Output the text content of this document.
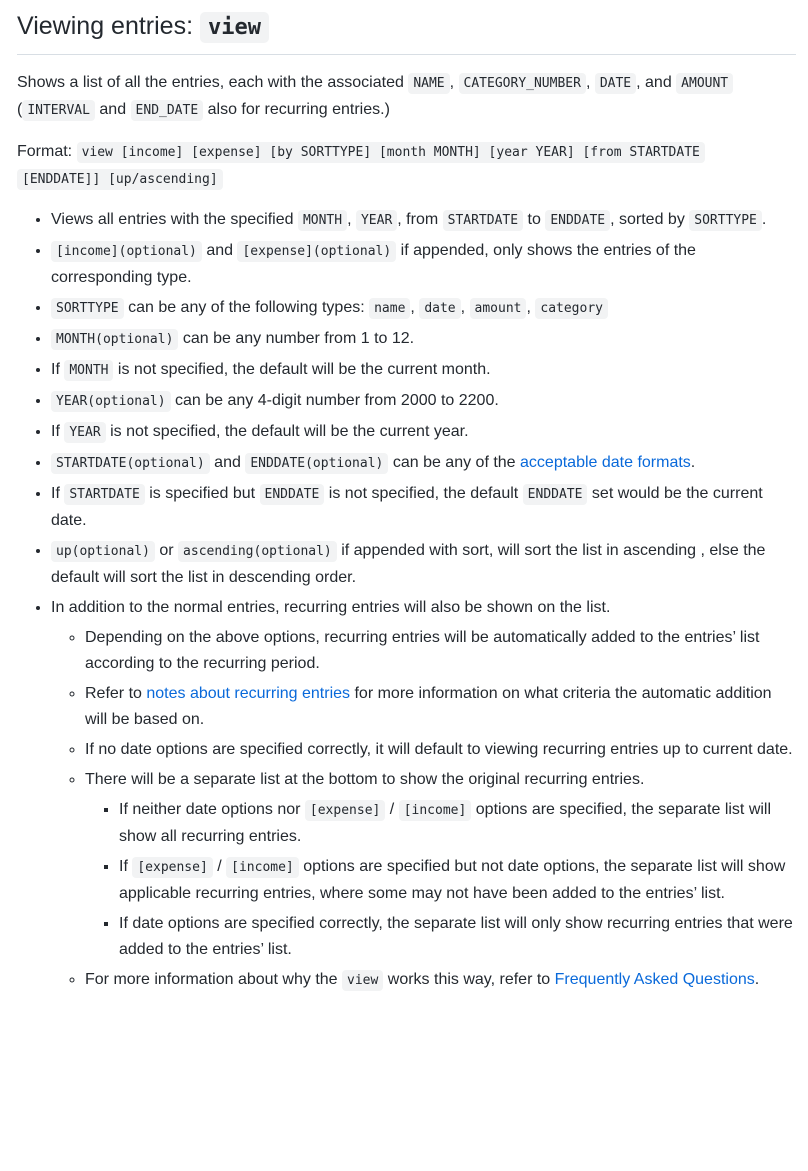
Viewing entries: view

Shows a list of all the entries, each with the associated NAME , CATEGORY_NUMBER , DATE , and AMOUNT ( INTERVAL and END_DATE also for recurring entries.)

Format: view [income] [expense] [by SORTTYPE] [month MONTH] [year YEAR] [from STARTDATE
[ENDDATE]] [up/ascending]

• Views all entries with the specified MONTH , YEAR , from STARTDATE to ENDDATE , sorted by SORTTYPE .
• [income](optional) and [expense](optional) if appended, only shows the entries of the corresponding type.
• SORTTYPE can be any of the following types: name , date , amount , category
• MONTH(optional) can be any number from 1 to 12.
• If MONTH is not specified, the default will be the current month.
• YEAR(optional) can be any 4-digit number from 2000 to 2200.
• If YEAR is not specified, the default will be the current year.
• STARTDATE(optional) and ENDDATE(optional) can be any of the acceptable date formats.
• If STARTDATE is specified but ENDDATE is not specified, the default ENDDATE set would be the current date.
• up(optional) or ascending(optional) if appended with sort, will sort the list in ascending , else the default will sort the list in descending order.
• In addition to the normal entries, recurring entries will also be shown on the list.
◦ Depending on the above options, recurring entries will be automatically added to the entries’ list according to the recurring period.
◦ Refer to notes about recurring entries for more information on what criteria the automatic addition will be based on.
◦ If no date options are specified correctly, it will default to viewing recurring entries up to current date.
◦ There will be a separate list at the bottom to show the original recurring entries.
▪ If neither date options nor [expense] / [income] options are specified, the separate list will show all recurring entries.
▪ If [expense] / [income] options are specified but not date options, the separate list will show applicable recurring entries, where some may not have been added to the entries’ list.
▪ If date options are specified correctly, the separate list will only show recurring entries that were added to the entries’ list.
◦ For more information about why the view works this way, refer to Frequently Asked Questions.
